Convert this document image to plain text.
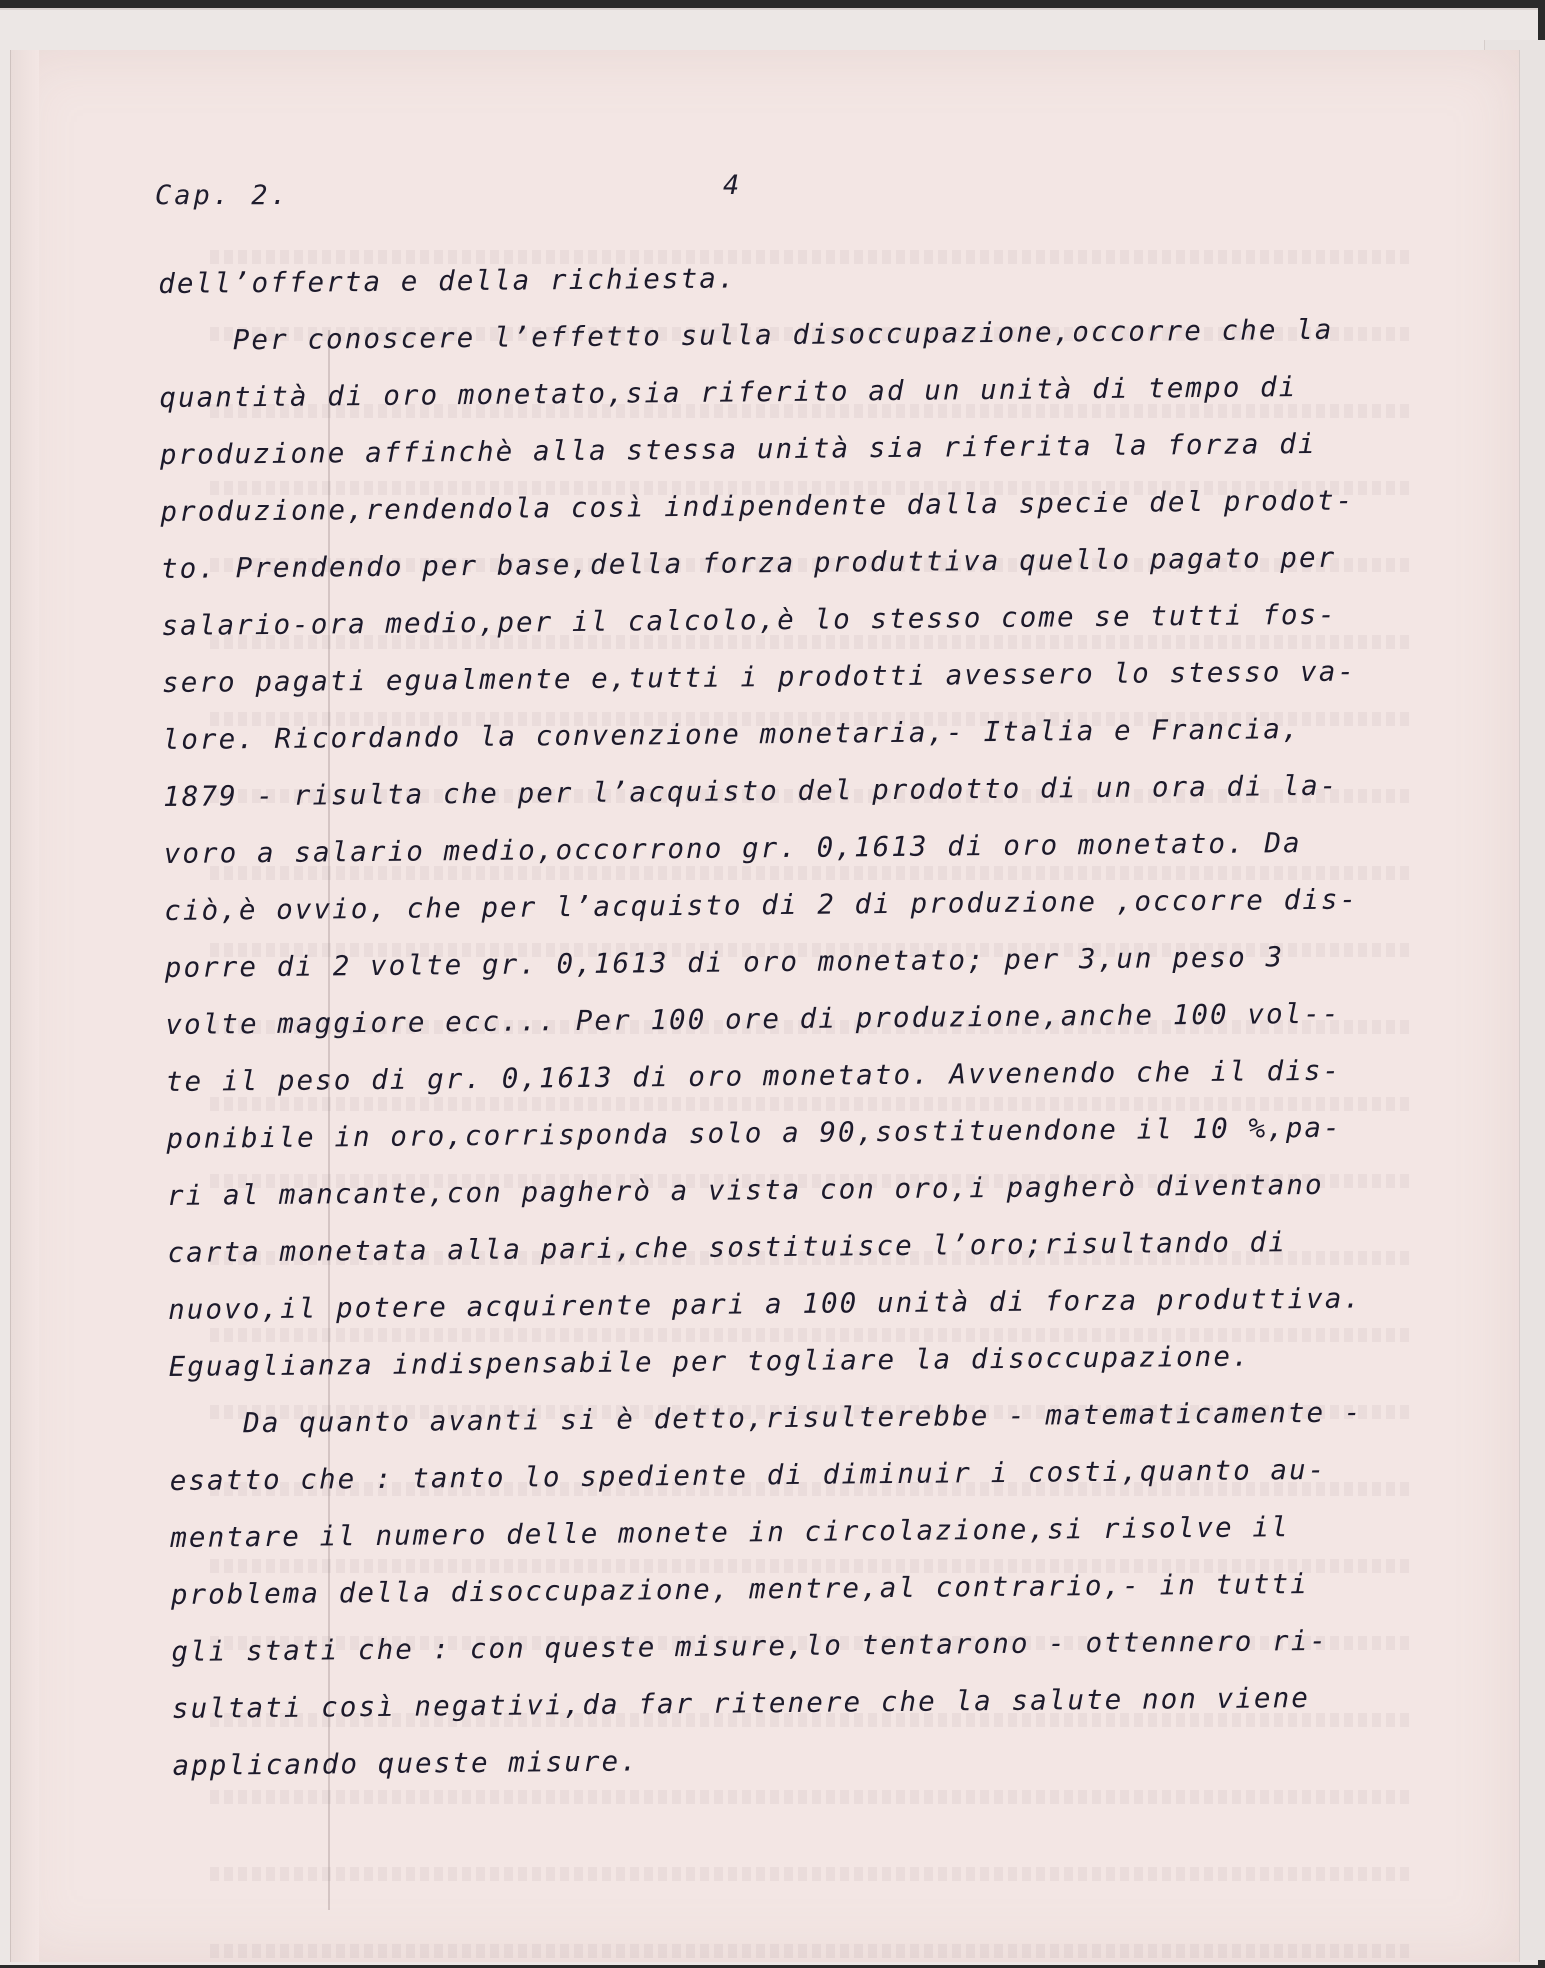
Cap. 2.	4
dell’offerta e della richiesta.
Per conoscere l’effetto sulla disoccupazione,occorre che la
quantità di oro monetato,sia riferito ad un unità di tempo di
produzione affinchè alla stessa unità sia riferita la forza di
produzione,rendendola così indipendente dalla specie del prodot-
to. Prendendo per base,della forza produttiva quello pagato per
salario-ora medio,per il calcolo,è lo stesso come se tutti fos-
sero pagati egualmente e,tutti i prodotti avessero lo stesso va-
lore. Ricordando la convenzione monetaria,- Italia e Francia,
1879 - risulta che per l’acquisto del prodotto di un ora di la-
voro a salario medio,occorrono gr. 0,1613 di oro monetato. Da
ciò,è ovvio, che per l’acquisto di 2 di produzione ,occorre dis-
porre di 2 volte gr. 0,1613 di oro monetato; per 3,un peso 3
volte maggiore ecc... Per 100 ore di produzione,anche 100 vol--
te il peso di gr. 0,1613 di oro monetato. Avvenendo che il dis-
ponibile in oro,corrisponda solo a 90,sostituendone il 10 %,pa-
ri al mancante,con pagherò a vista con oro,i pagherò diventano
carta monetata alla pari,che sostituisce l’oro;risultando di
nuovo,il potere acquirente pari a 100 unità di forza produttiva.
Eguaglianza indispensabile per togliare la disoccupazione.
Da quanto avanti si è detto,risulterebbe - matematicamente -
esatto che : tanto lo spediente di diminuir i costi,quanto au-
mentare il numero delle monete in circolazione,si risolve il
problema della disoccupazione, mentre,al contrario,- in tutti
gli stati che : con queste misure,lo tentarono - ottennero ri-
sultati così negativi,da far ritenere che la salute non viene
applicando queste misure.
